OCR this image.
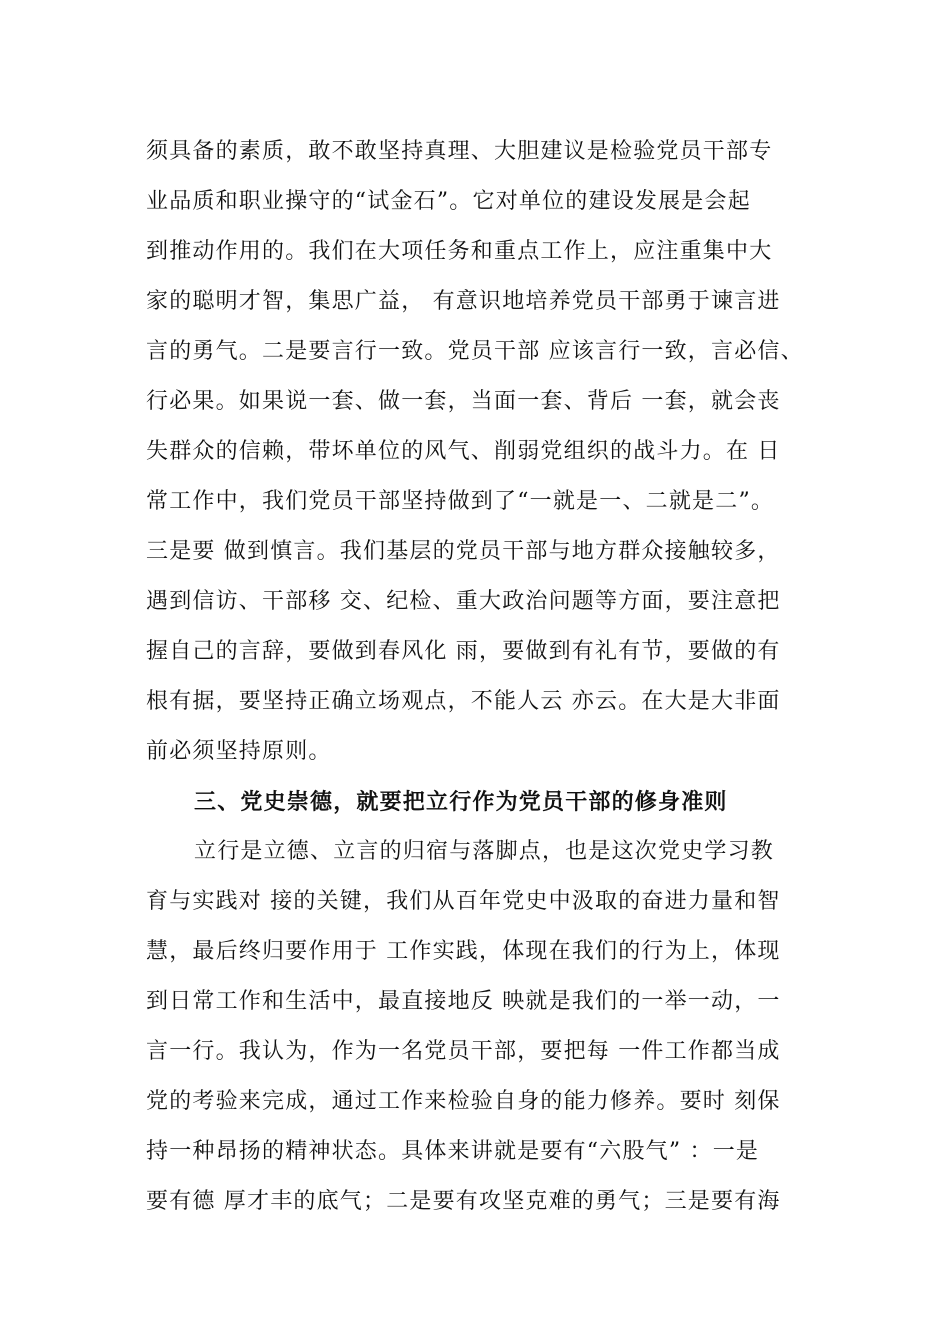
须具备的素质，敢不敢坚持真理、大胆建议是检验党员干部专
业品质和职业操守的“试金石”。它对单位的建设发展是会起
到推动作用的。我们在大项任务和重点工作上，应注重集中大
家的聪明才智，集思广益， 有意识地培养党员干部勇于谏言进
言的勇气。二是要言行一致。党员干部 应该言行一致，言必信、
行必果。如果说一套、做一套，当面一套、背后 一套，就会丧
失群众的信赖，带坏单位的风气、削弱党组织的战斗力。在 日
常工作中，我们党员干部坚持做到了“一就是一、二就是二”。
三是要 做到慎言。我们基层的党员干部与地方群众接触较多，
遇到信访、干部移 交、纪检、重大政治问题等方面，要注意把
握自己的言辞，要做到春风化 雨，要做到有礼有节，要做的有
根有据，要坚持正确立场观点，不能人云 亦云。在大是大非面
前必须坚持原则。
三、党史崇德，就要把立行作为党员干部的修身准则
立行是立德、立言的归宿与落脚点，也是这次党史学习教
育与实践对 接的关键，我们从百年党史中汲取的奋进力量和智
慧，最后终归要作用于 工作实践，体现在我们的行为上，体现
到日常工作和生活中，最直接地反 映就是我们的一举一动，一
言一行。我认为，作为一名党员干部，要把每 一件工作都当成
党的考验来完成，通过工作来检验自身的能力修养。要时 刻保
持一种昂扬的精神状态。具体来讲就是要有“六股气” ：一是
要有德 厚才丰的底气；二是要有攻坚克难的勇气；三是要有海
